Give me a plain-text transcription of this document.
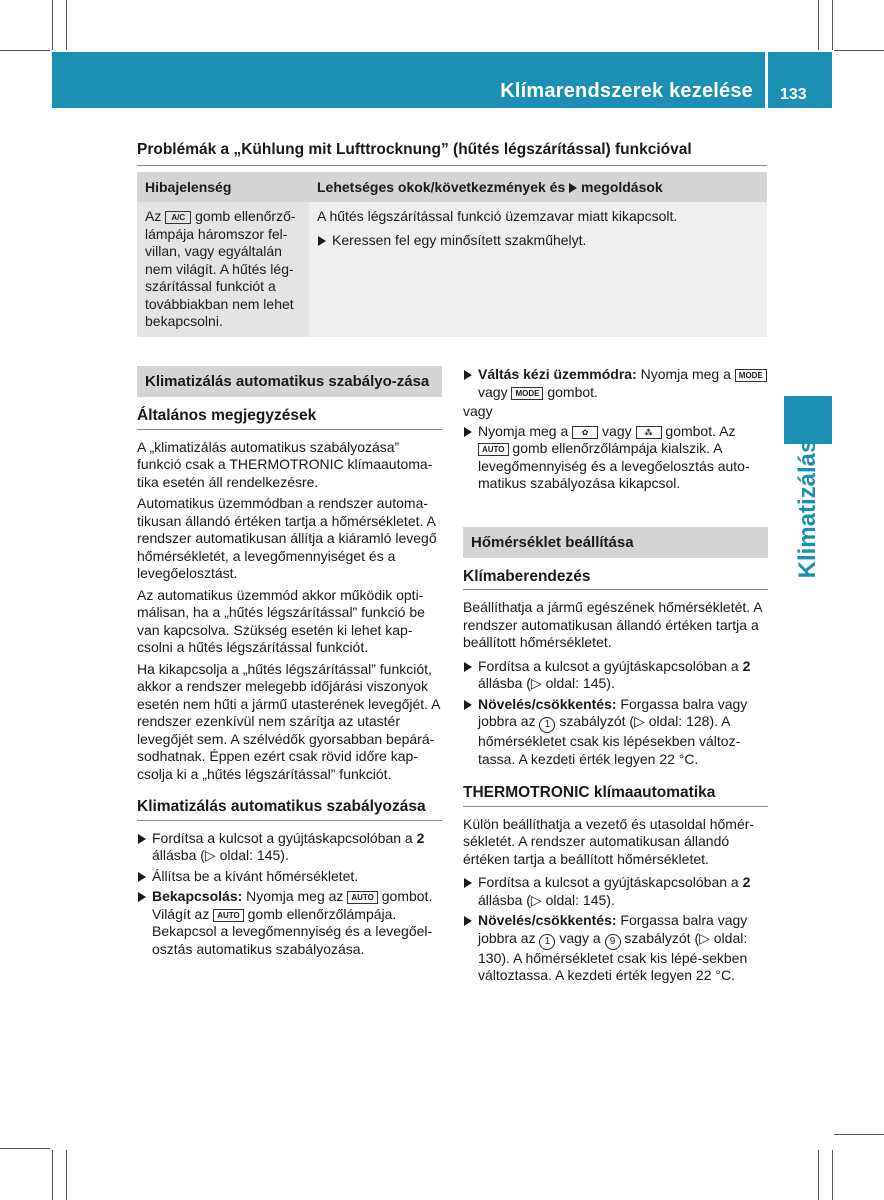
Klímarendszerek kezelése 133
Klimatizálás
Problémák a „Kühlung mit Lufttrocknung” (hűtés légszárítással) funkcióval
Hibajelenség	Lehetséges okok/következmények és megoldások
Az A/C gomb ellenőrző-lámpája háromszor fel-villan, vagy egyáltalán nem világít. A hűtés lég-szárítással funkciót a továbbiakban nem lehet bekapcsolni.	A hűtés légszárítással funkció üzemzavar miatt kikapcsolt.

Keressen fel egy minősített szakműhelyt.

Klimatizálás automatikus szabályo-zása
Általános megjegyzések

A „klimatizálás automatikus szabályozása” funkció csak a THERMOTRONIC klímaautoma-tika esetén áll rendelkezésre.

Automatikus üzemmódban a rendszer automa-tikusan állandó értéken tartja a hőmérsékletet. A rendszer automatikusan állítja a kiáramló levegő hőmérsékletét, a levegőmennyiséget és a levegőelosztást.

Az automatikus üzemmód akkor működik opti-málisan, ha a „hűtés légszárítással” funkció be van kapcsolva. Szükség esetén ki lehet kap-csolni a hűtés légszárítással funkciót.

Ha kikapcsolja a „hűtés légszárítással” funkciót, akkor a rendszer melegebb időjárási viszonyok esetén nem hűti a jármű utasterének levegőjét. A rendszer ezenkívül nem szárítja az utastér levegőjét sem. A szélvédők gyorsabban bepárá-sodhatnak. Éppen ezért csak rövid időre kap-csolja ki a „hűtés légszárítással” funkciót.

Klimatizálás automatikus szabályozása

Fordítsa a kulcsot a gyújtáskapcsolóban a 2 állásba (▷ oldal: 145).

Állítsa be a kívánt hőmérsékletet.

Bekapcsolás: Nyomja meg az AUTO gombot. Világít az AUTO gomb ellenőrzőlámpája. Bekapcsol a levegőmennyiség és a levegőel-osztás automatikus szabályozása.

Váltás kézi üzemmódra: Nyomja meg a MODE vagy MODE gombot.

vagy

Nyomja meg a ✿ vagy ⁂ gombot. Az AUTO gomb ellenőrzőlámpája kialszik. A levegőmennyiség és a levegőelosztás auto-matikus szabályozása kikapcsol.

Hőmérséklet beállítása
Klímaberendezés

Beállíthatja a jármű egészének hőmérsékletét. A rendszer automatikusan állandó értéken tartja a beállított hőmérsékletet.

Fordítsa a kulcsot a gyújtáskapcsolóban a 2 állásba (▷ oldal: 145).

Növelés/csökkentés: Forgassa balra vagy jobbra az 1 szabályzót (▷ oldal: 128). A hőmérsékletet csak kis lépésekben változ-tassa. A kezdeti érték legyen 22 °C.

THERMOTRONIC klímaautomatika

Külön beállíthatja a vezető és utasoldal hőmér-sékletét. A rendszer automatikusan állandó értéken tartja a beállított hőmérsékletet.

Fordítsa a kulcsot a gyújtáskapcsolóban a 2 állásba (▷ oldal: 145).

Növelés/csökkentés: Forgassa balra vagy jobbra az 1 vagy a 9 szabályzót (▷ oldal: 130). A hőmérsékletet csak kis lépé-sekben változtassa. A kezdeti érték legyen 22 °C.
